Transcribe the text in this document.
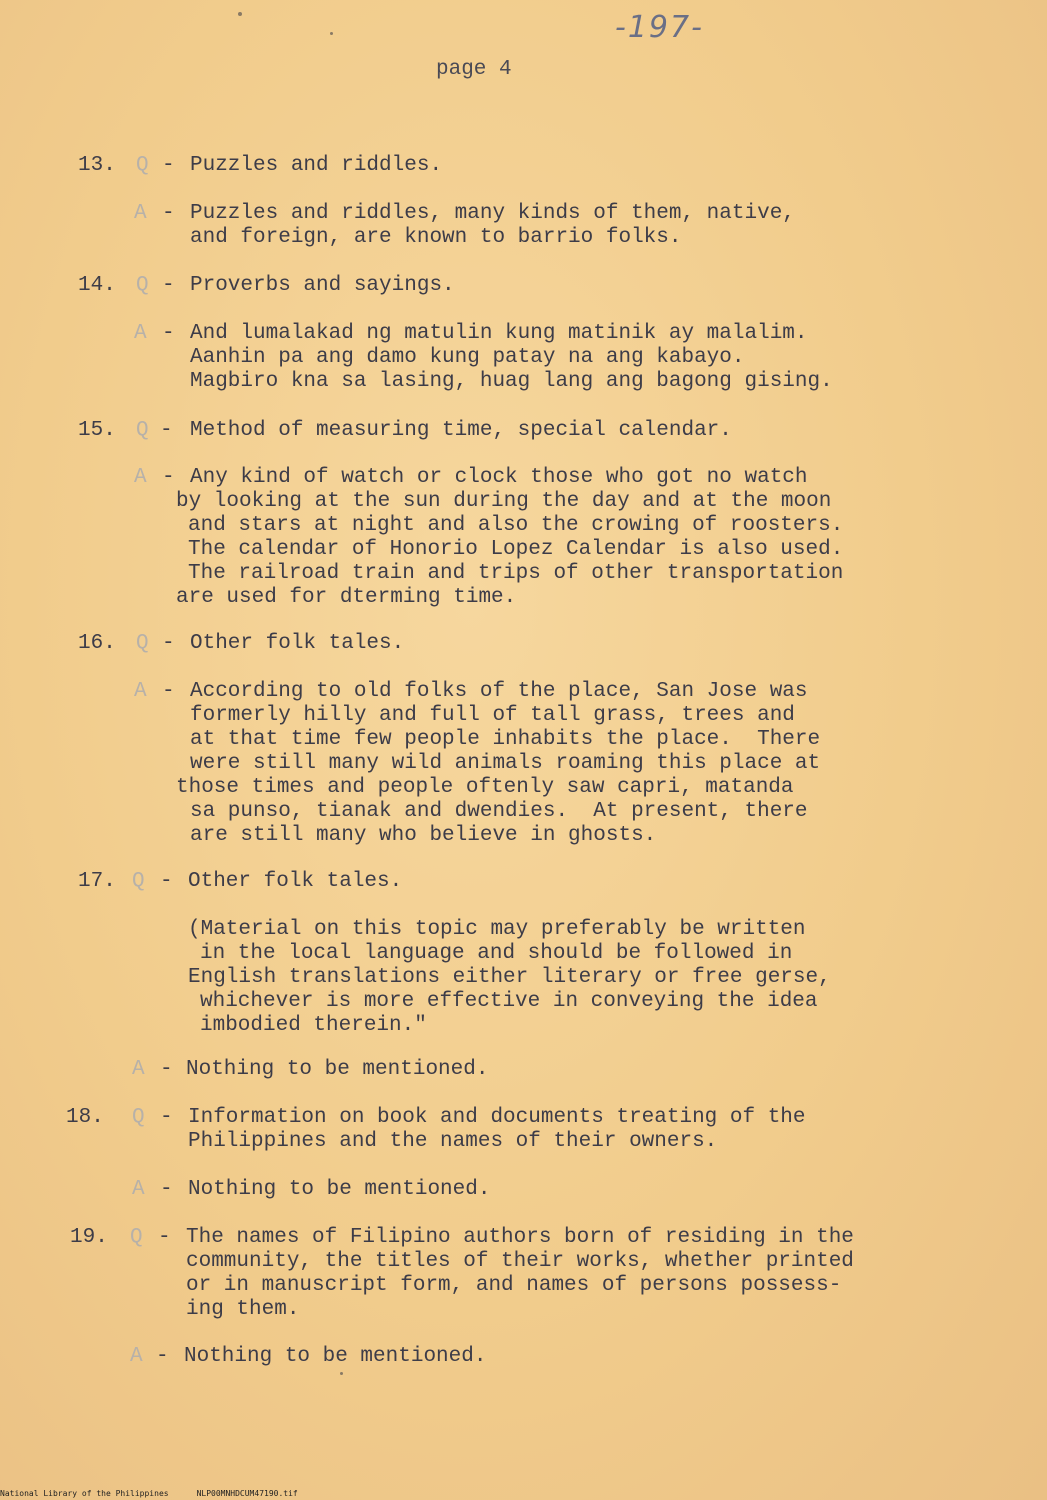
-197-
page 4
13. Q - Puzzles and riddles.
A - Puzzles and riddles, many kinds of them, native,
and foreign, are known to barrio folks.
14. Q - Proverbs and sayings.
A - And lumalakad ng matulin kung matinik ay malalim.
Aanhin pa ang damo kung patay na ang kabayo.
Magbiro kna sa lasing, huag lang ang bagong gising.
15. Q - Method of measuring time, special calendar.
A - Any kind of watch or clock those who got no watch
by looking at the sun during the day and at the moon
and stars at night and also the crowing of roosters.
The calendar of Honorio Lopez Calendar is also used.
The railroad train and trips of other transportation
are used for dterming time.
16. Q - Other folk tales.
A - According to old folks of the place, San Jose was
formerly hilly and full of tall grass, trees and
at that time few people inhabits the place.  There
were still many wild animals roaming this place at
those times and people oftenly saw capri, matanda
sa punso, tianak and dwendies.  At present, there
are still many who believe in ghosts.
17. Q - Other folk tales.
(Material on this topic may preferably be written
in the local language and should be followed in
English translations either literary or free gerse,
whichever is more effective in conveying the idea
imbodied therein."
A - Nothing to be mentioned.
18. Q - Information on book and documents treating of the
Philippines and the names of their owners.
A - Nothing to be mentioned.
19. Q - The names of Filipino authors born of residing in the
community, the titles of their works, whether printed
or in manuscript form, and names of persons possess-
ing them.
A - Nothing to be mentioned.
National Library of the Philippines	NLP00MNHDCUM47190.tif
